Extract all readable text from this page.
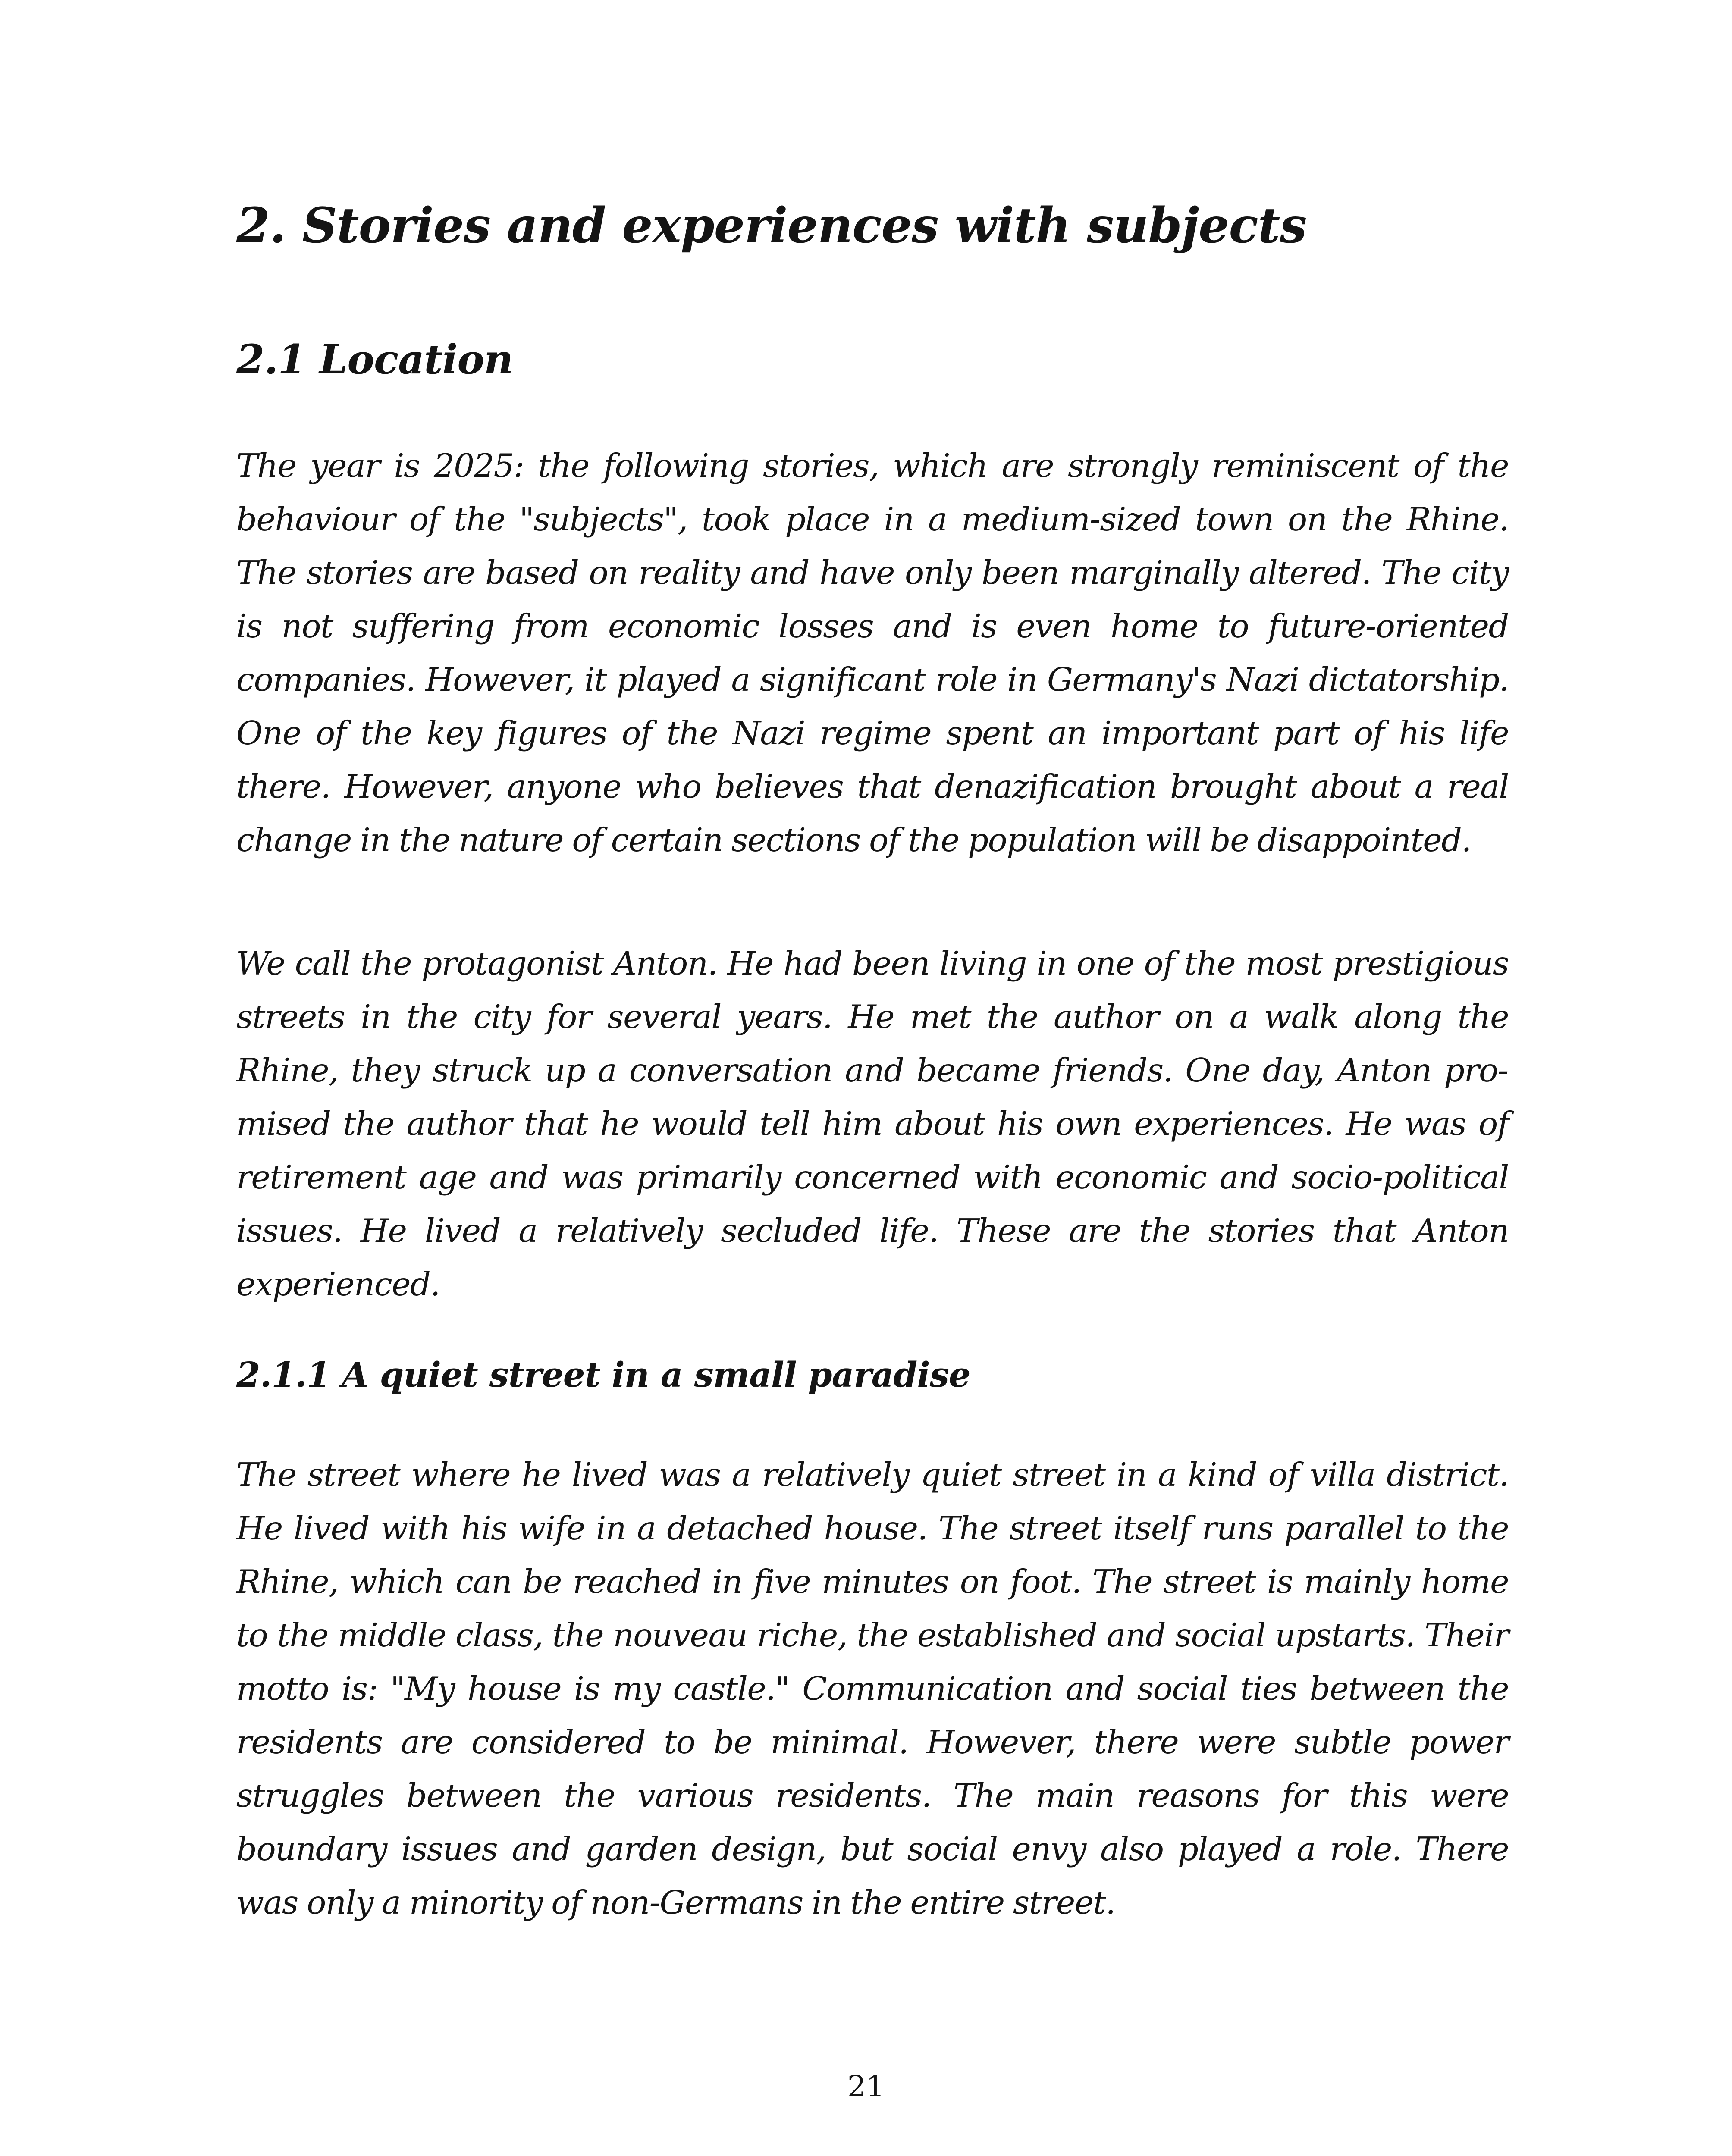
2. Stories and experiences with subjects
2.1 Location

The year is 2025: the following stories, which are strongly reminiscent of the behaviour of the "subjects", took place in a medium-sized town on the Rhine. The stories are based on reality and have only been marginally altered. The city is not suffering from economic losses and is even home to future-oriented companies. However, it played a significant role in Germany's Nazi dictatorship. One of the key figures of the Nazi regime spent an important part of his life there. However, anyone who believes that denazification brought about a real change in the nature of certain sections of the population will be disappointed.

We call the protagonist Anton. He had been living in one of the most prestigious streets in the city for several years. He met the author on a walk along the Rhine, they struck up a conversation and became friends. One day, Anton promised the author that he would tell him about his own experiences. He was of retirement age and was primarily concerned with economic and socio-political issues. He lived a relatively secluded life. These are the stories that Anton experienced.

2.1.1 A quiet street in a small paradise

The street where he lived was a relatively quiet street in a kind of villa district. He lived with his wife in a detached house. The street itself runs parallel to the Rhine, which can be reached in five minutes on foot. The street is mainly home to the middle class, the nouveau riche, the established and social upstarts. Their motto is: "My house is my castle." Communication and social ties between the residents are considered to be minimal. However, there were subtle power struggles between the various residents. The main reasons for this were boundary issues and garden design, but social envy also played a role. There was only a minority of non-Germans in the entire street.

21
